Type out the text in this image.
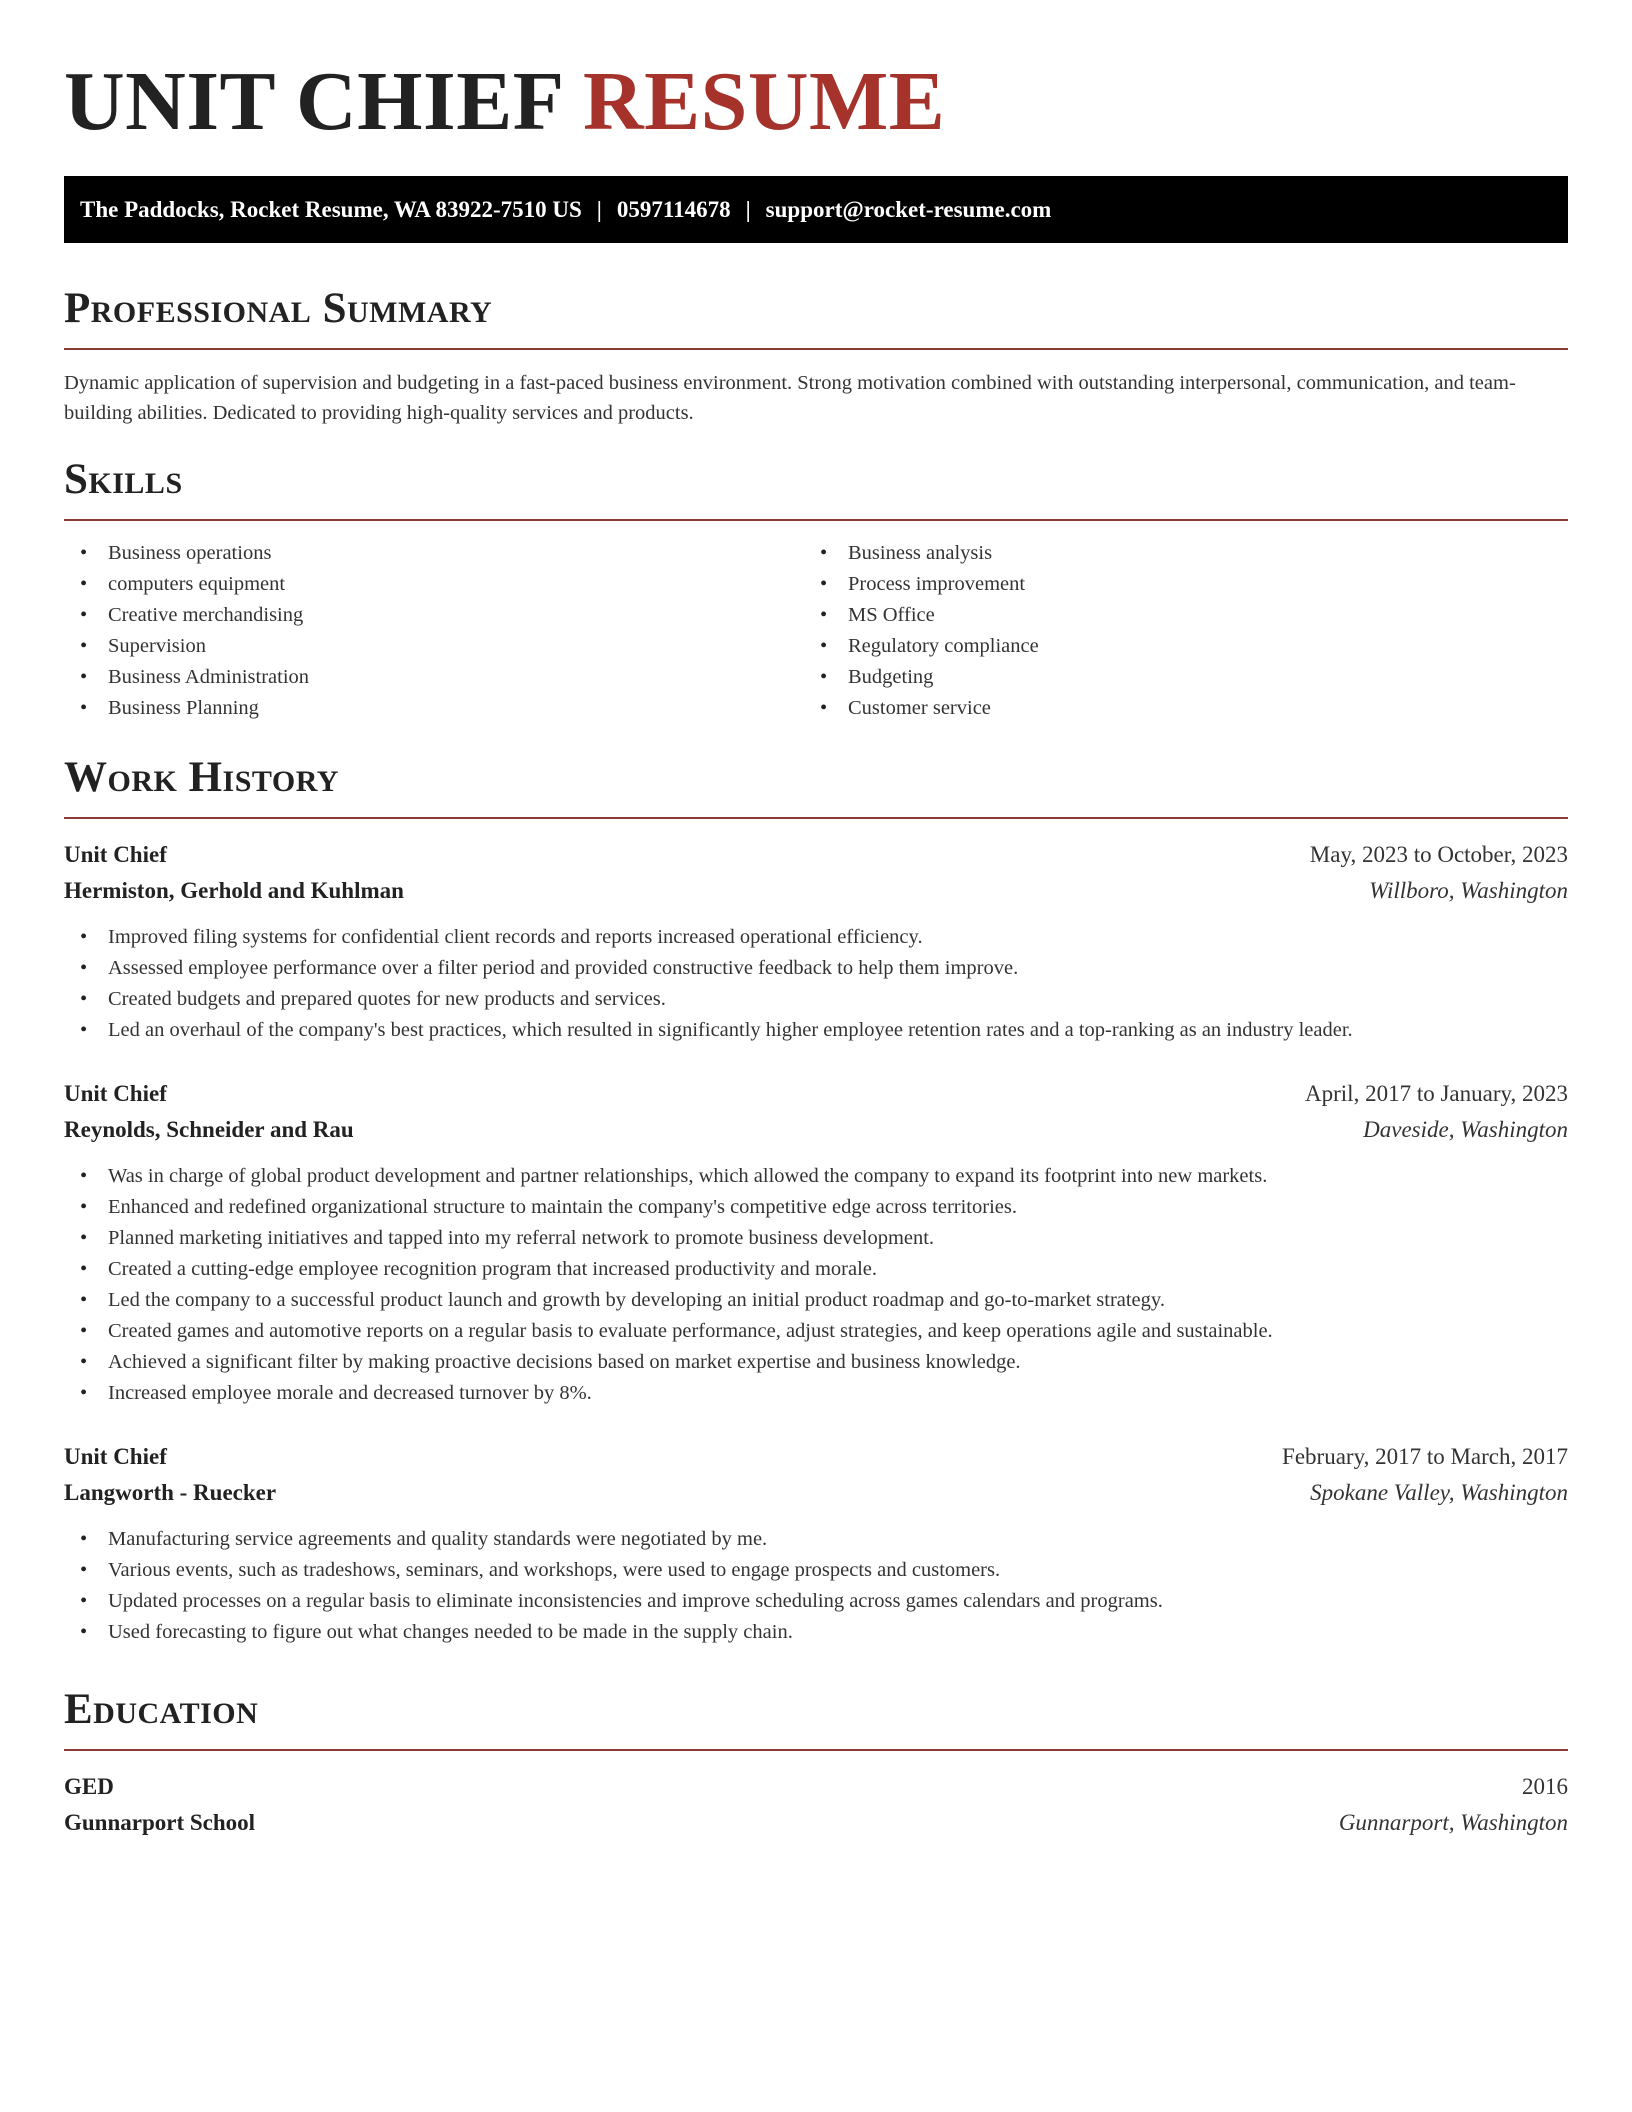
UNIT CHIEF RESUME
The Paddocks, Rocket Resume, WA 83922-7510 US | 0597114678 | support@rocket-resume.com
Professional Summary

Dynamic application of supervision and budgeting in a fast-paced business environment. Strong motivation combined with outstanding interpersonal, communication, and team-building abilities. Dedicated to providing high-quality services and products.

Skills
• Business operations
• computers equipment
• Creative merchandising
• Supervision
• Business Administration
• Business Planning
• Business analysis
• Process improvement
• MS Office
• Regulatory compliance
• Budgeting
• Customer service
Work History
Unit Chief	May, 2023 to October, 2023
Hermiston, Gerhold and Kuhlman	Willboro, Washington
• Improved filing systems for confidential client records and reports increased operational efficiency.
• Assessed employee performance over a filter period and provided constructive feedback to help them improve.
• Created budgets and prepared quotes for new products and services.
• Led an overhaul of the company's best practices, which resulted in significantly higher employee retention rates and a top-ranking as an industry leader.
Unit Chief	April, 2017 to January, 2023
Reynolds, Schneider and Rau	Daveside, Washington
• Was in charge of global product development and partner relationships, which allowed the company to expand its footprint into new markets.
• Enhanced and redefined organizational structure to maintain the company's competitive edge across territories.
• Planned marketing initiatives and tapped into my referral network to promote business development.
• Created a cutting-edge employee recognition program that increased productivity and morale.
• Led the company to a successful product launch and growth by developing an initial product roadmap and go-to-market strategy.
• Created games and automotive reports on a regular basis to evaluate performance, adjust strategies, and keep operations agile and sustainable.
• Achieved a significant filter by making proactive decisions based on market expertise and business knowledge.
• Increased employee morale and decreased turnover by 8%.
Unit Chief	February, 2017 to March, 2017
Langworth - Ruecker	Spokane Valley, Washington
• Manufacturing service agreements and quality standards were negotiated by me.
• Various events, such as tradeshows, seminars, and workshops, were used to engage prospects and customers.
• Updated processes on a regular basis to eliminate inconsistencies and improve scheduling across games calendars and programs.
• Used forecasting to figure out what changes needed to be made in the supply chain.
Education
GED	2016
Gunnarport School	Gunnarport, Washington
